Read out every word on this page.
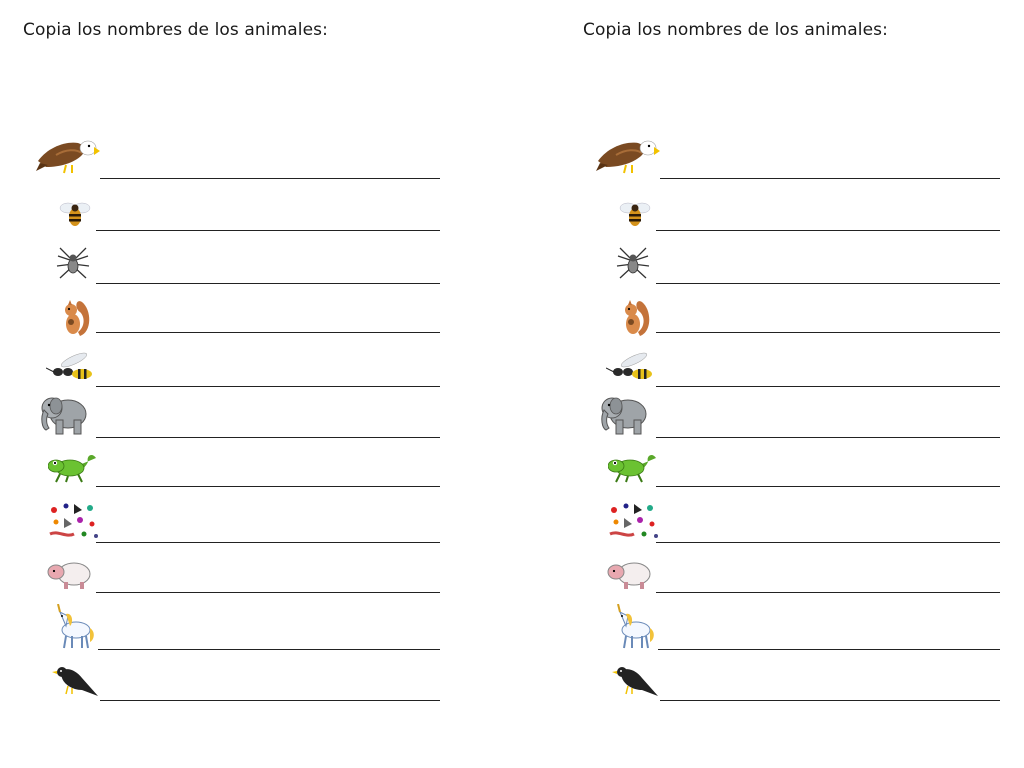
Copia los nombres de los animales:	Copia los nombres de los animales:
